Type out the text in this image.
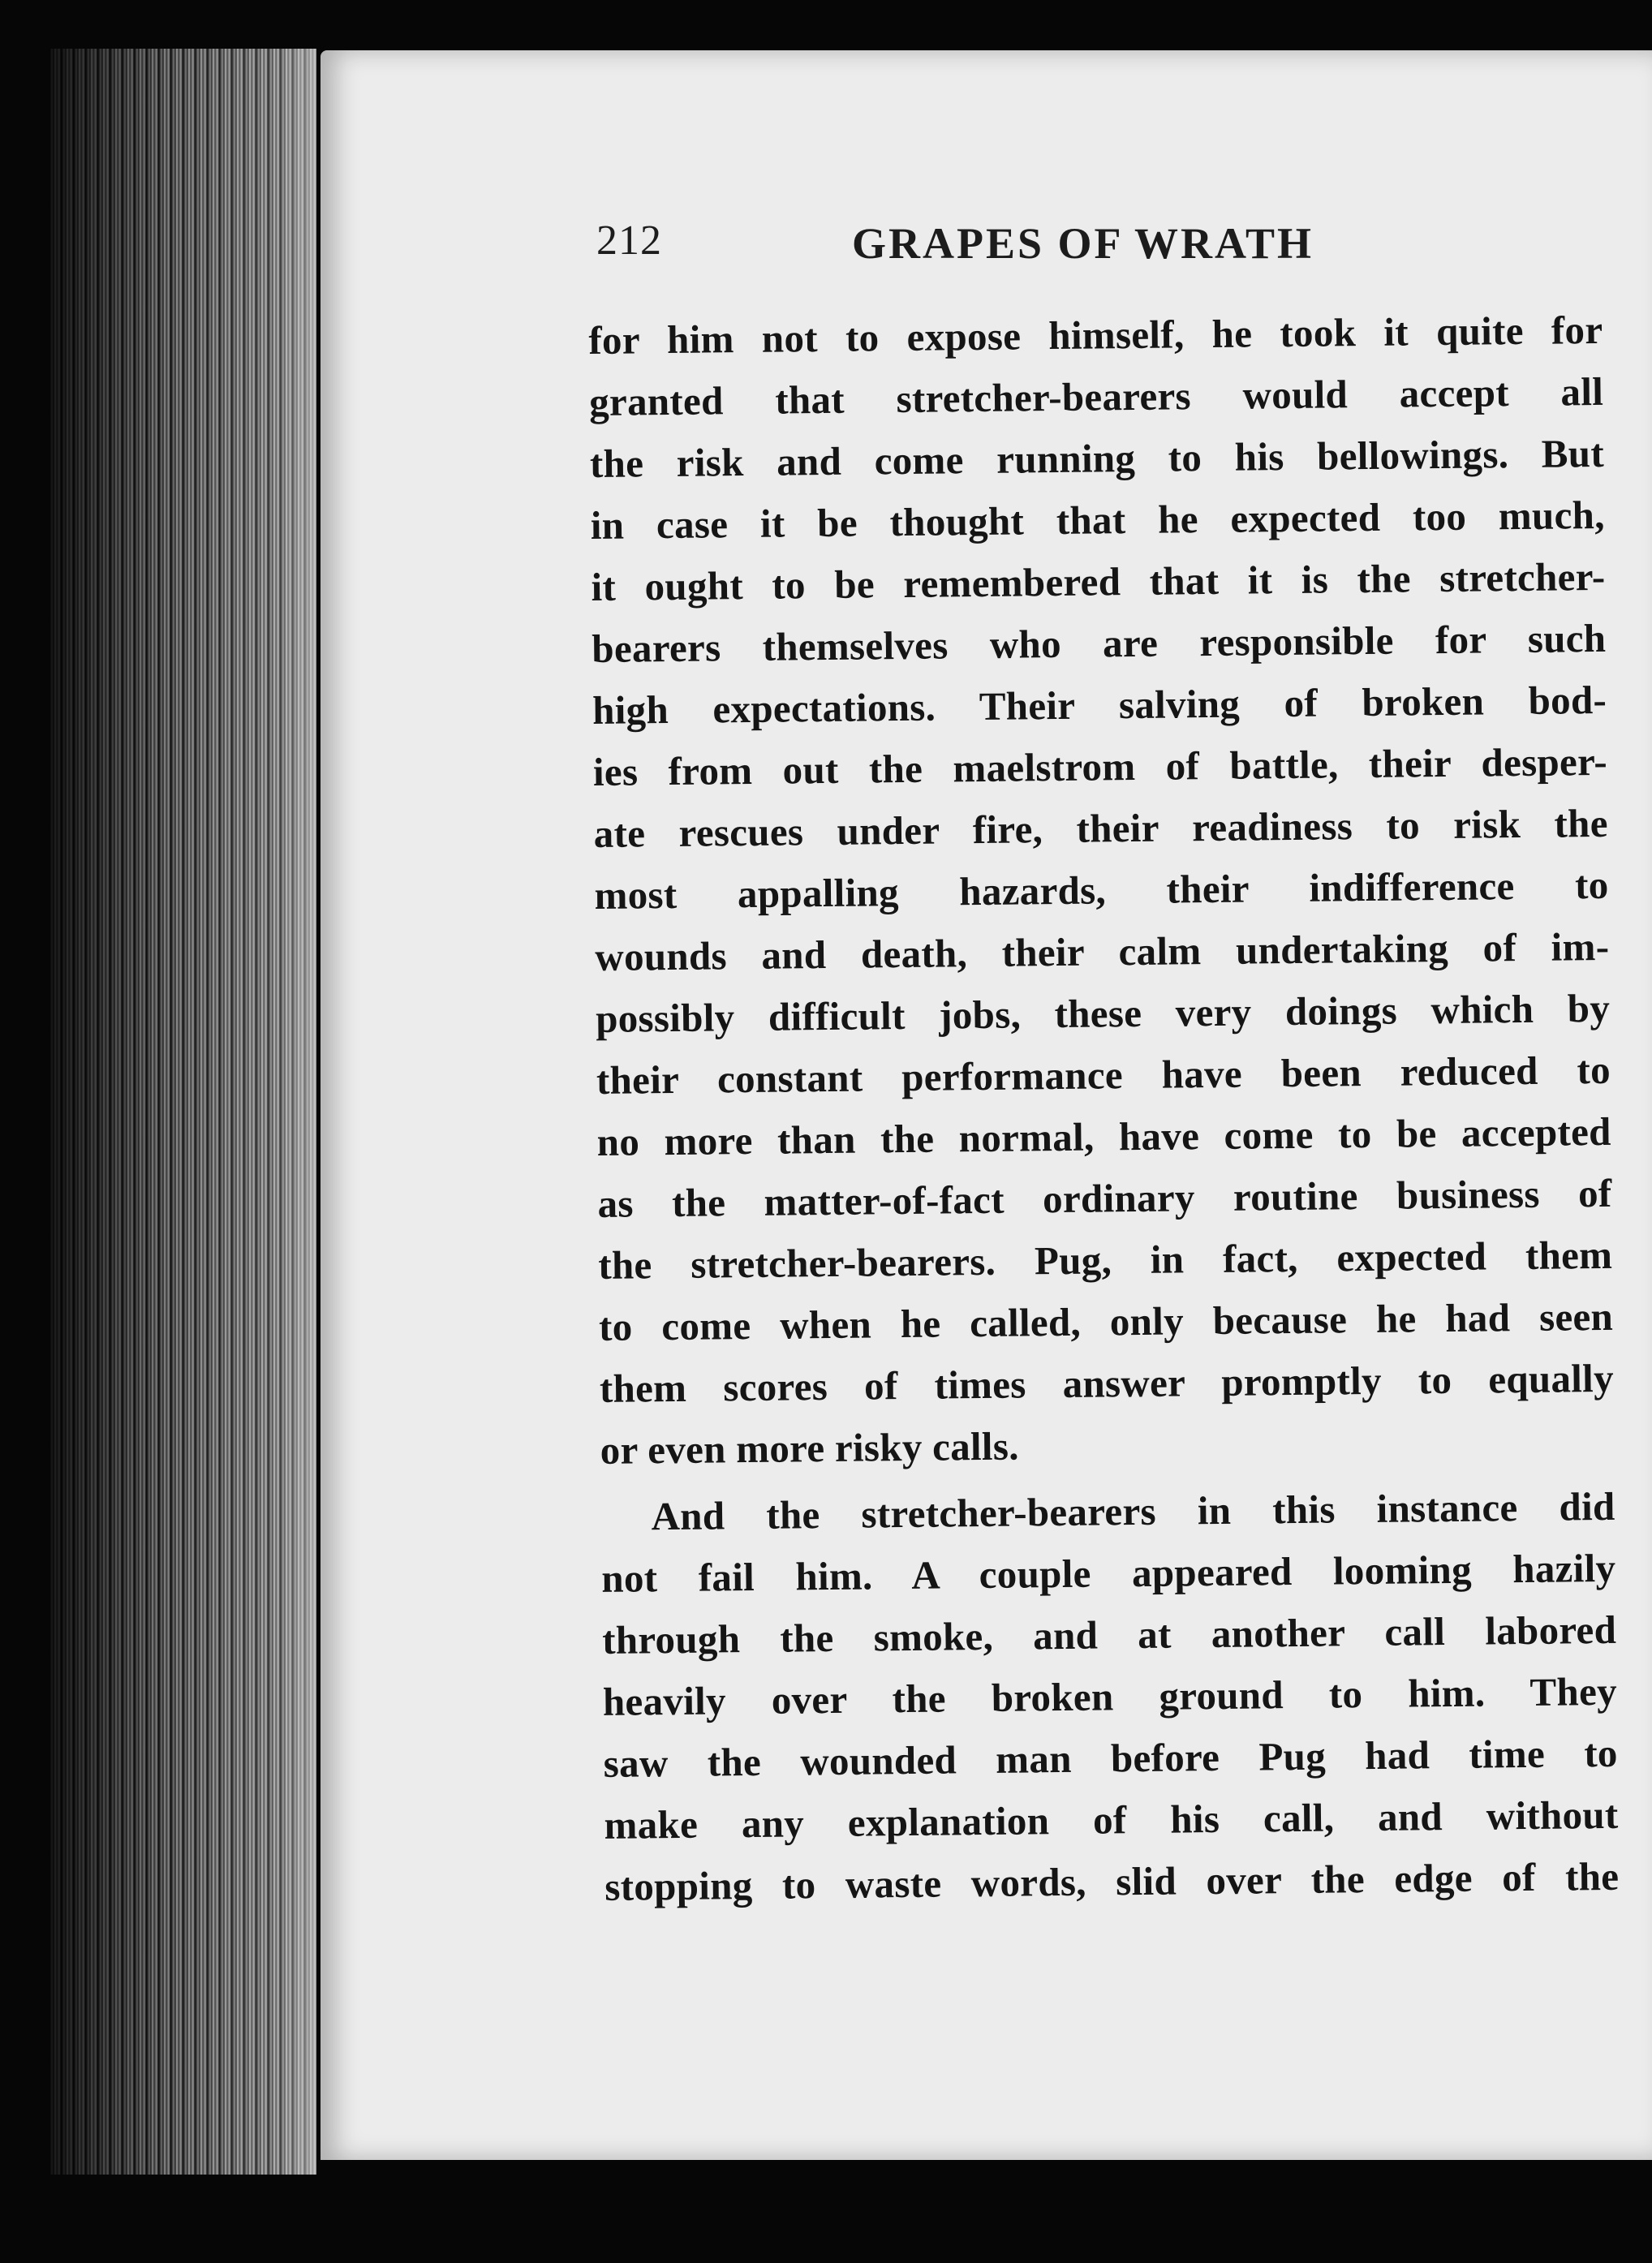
212	GRAPES OF WRATH
for him not to expose himself, he took it quite for
granted that stretcher-bearers would accept all
the risk and come running to his bellowings. But
in case it be thought that he expected too much,
it ought to be remembered that it is the stretcher-
bearers themselves who are responsible for such
high expectations. Their salving of broken bod-
ies from out the maelstrom of battle, their desper-
ate rescues under fire, their readiness to risk the
most appalling hazards, their indifference to
wounds and death, their calm undertaking of im-
possibly difficult jobs, these very doings which by
their constant performance have been reduced to
no more than the normal, have come to be accepted
as the matter-of-fact ordinary routine business of
the stretcher-bearers. Pug, in fact, expected them
to come when he called, only because he had seen
them scores of times answer promptly to equally
or even more risky calls.
And the stretcher-bearers in this instance did
not fail him. A couple appeared looming hazily
through the smoke, and at another call labored
heavily over the broken ground to him. They
saw the wounded man before Pug had time to
make any explanation of his call, and without
stopping to waste words, slid over the edge of the
